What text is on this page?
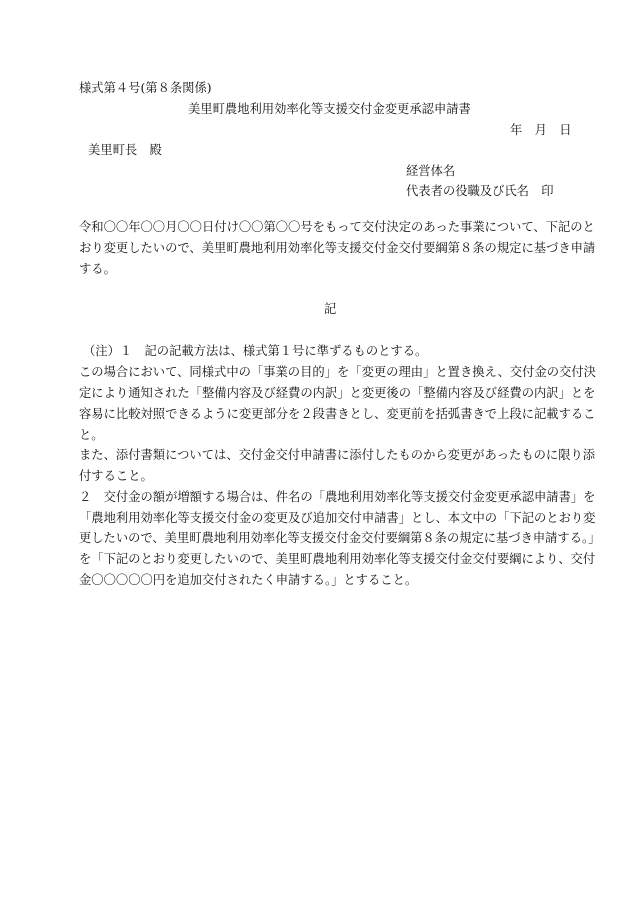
様式第４号(第８条関係)
美里町農地利用効率化等支援交付金変更承認申請書
年　月　日
美里町長　殿
経営体名
代表者の役職及び氏名　印
令和〇〇年〇〇月〇〇日付け〇〇第〇〇号をもって交付決定のあった事業について、下記のと
おり変更したいので、美里町農地利用効率化等支援交付金交付要綱第８条の規定に基づき申請
する。
記
（注）１　記の記載方法は、様式第１号に準ずるものとする。
この場合において、同様式中の「事業の目的」を「変更の理由」と置き換え、交付金の交付決
定により通知された「整備内容及び経費の内訳」と変更後の「整備内容及び経費の内訳」とを
容易に比較対照できるように変更部分を２段書きとし、変更前を括弧書きで上段に記載するこ
と。
また、添付書類については、交付金交付申請書に添付したものから変更があったものに限り添
付すること。
２　交付金の額が増額する場合は、件名の「農地利用効率化等支援交付金変更承認申請書」を
「農地利用効率化等支援交付金の変更及び追加交付申請書」とし、本文中の「下記のとおり変
更したいので、美里町農地利用効率化等支援交付金交付要綱第８条の規定に基づき申請する。」
を「下記のとおり変更したいので、美里町農地利用効率化等支援交付金交付要綱により、交付
金〇〇〇〇〇円を追加交付されたく申請する。」とすること。
